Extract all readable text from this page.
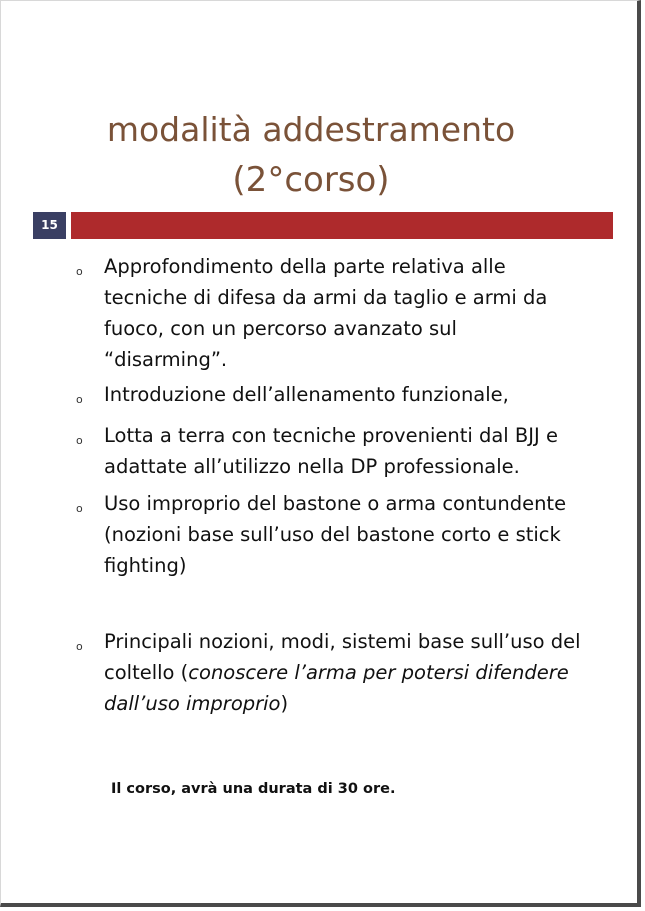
modalità addestramento
(2°corso)
15
o Approfondimento della parte relativa alle tecniche di difesa da armi da taglio e armi da fuoco, con un percorso avanzato sul “disarming”.
o Introduzione dell’allenamento funzionale,
o Lotta a terra con tecniche provenienti dal BJJ e adattate all’utilizzo nella DP professionale.
o Uso improprio del bastone o arma contundente (nozioni base sull’uso del bastone corto e stick fighting)
o Principali nozioni, modi, sistemi base sull’uso del coltello (conoscere l’arma per potersi difendere dall’uso improprio)
Il corso, avrà una durata di 30 ore.
